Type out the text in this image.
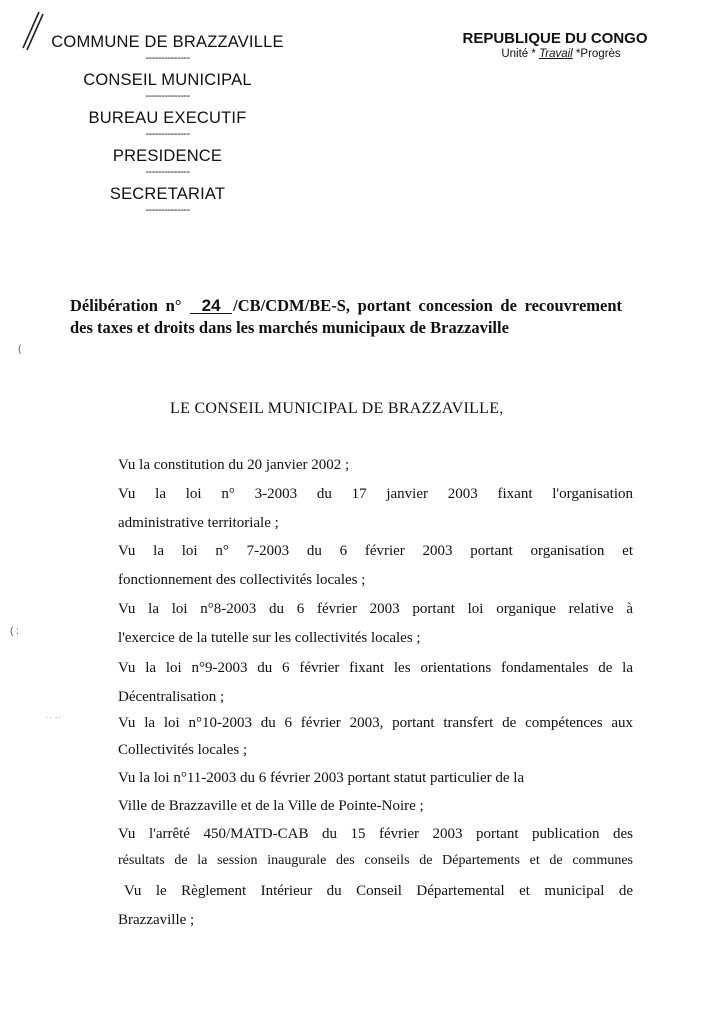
COMMUNE DE BRAZZAVILLE
--------------
CONSEIL MUNICIPAL
--------------
BUREAU EXECUTIF
--------------
PRESIDENCE
--------------
SECRETARIAT
--------------
REPUBLIQUE DU CONGO
Unité * Travail *Progrès
(
( :
·· ··
Délibération n° 24 /CB/CDM/BE-S, portant concession de recouvrement des taxes et droits dans les marchés municipaux de Brazzaville
LE CONSEIL MUNICIPAL DE BRAZZAVILLE,
Vu la constitution du 20 janvier 2002 ;
Vu la loi n° 3-2003 du 17 janvier 2003 fixant l'organisation
administrative territoriale ;
Vu la loi n° 7-2003 du 6 février 2003 portant organisation et
fonctionnement des collectivités locales ;
Vu la loi n°8-2003 du 6 février 2003 portant loi organique relative à
l'exercice de la tutelle sur les collectivités locales ;
Vu la loi n°9-2003 du 6 février fixant les orientations fondamentales de la
Décentralisation ;
Vu la loi n°10-2003 du 6 février 2003, portant transfert de compétences aux
Collectivités locales ;
Vu la loi n°11-2003 du 6 février 2003 portant statut particulier de la
Ville de Brazzaville et de la Ville de Pointe-Noire ;
Vu l'arrêté 450/MATD-CAB du 15 février 2003 portant publication des
résultats de la session inaugurale des conseils de Départements et de communes
Vu le Règlement Intérieur du Conseil Départemental et municipal de
Brazzaville ;
